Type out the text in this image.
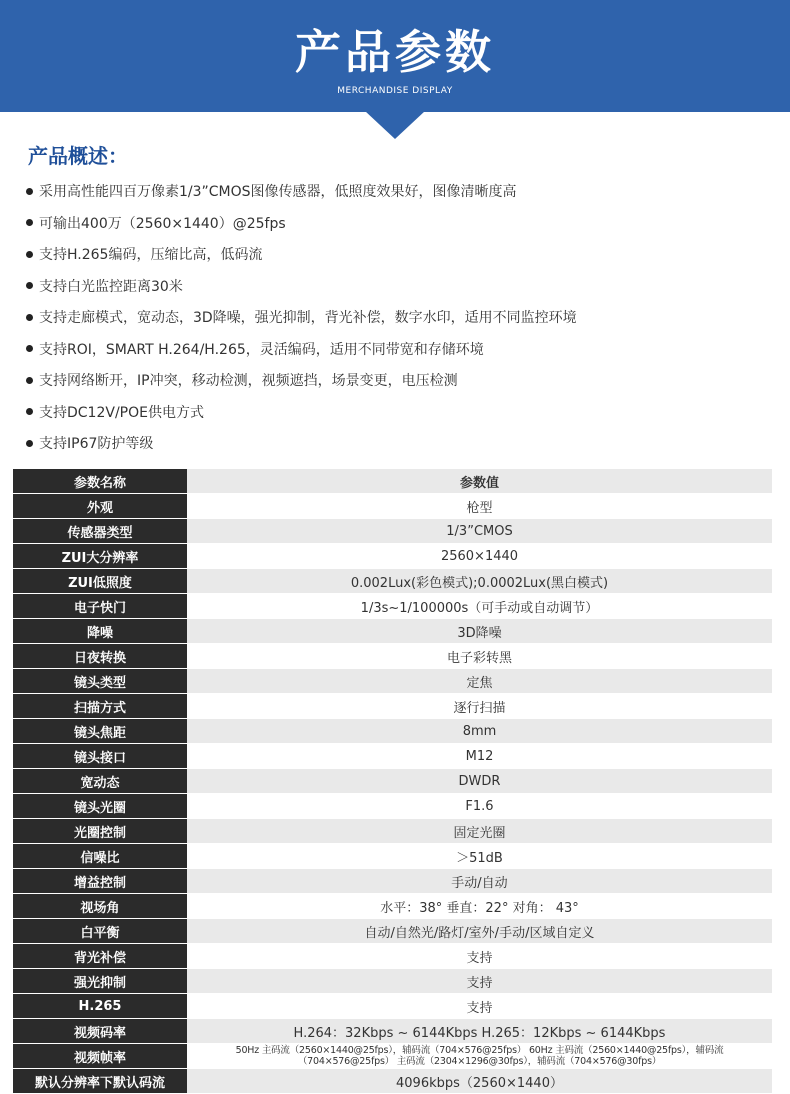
产品参数
MERCHANDISE DISPLAY
产品概述：
采用高性能四百万像素1/3”CMOS图像传感器，低照度效果好，图像清晰度高
可输出400万（2560×1440）@25fps
支持H.265编码，压缩比高，低码流
支持白光监控距离30米
支持走廊模式，宽动态，3D降噪，强光抑制，背光补偿，数字水印，适用不同监控环境
支持ROI，SMART H.264/H.265，灵活编码，适用不同带宽和存储环境
支持网络断开，IP冲突，移动检测，视频遮挡，场景变更，电压检测
支持DC12V/POE供电方式
支持IP67防护等级
参数名称	参数值
外观	枪型
传感器类型	1/3”CMOS
ZUI大分辨率	2560×1440
ZUI低照度	0.002Lux(彩色模式);0.0002Lux(黑白模式)
电子快门	1/3s~1/100000s（可手动或自动调节）
降噪	3D降噪
日夜转换	电子彩转黑
镜头类型	定焦
扫描方式	逐行扫描
镜头焦距	8mm
镜头接口	M12
宽动态	DWDR
镜头光圈	F1.6
光圈控制	固定光圈
信噪比	＞51dB
增益控制	手动/自动
视场角	水平：38° 垂直：22° 对角： 43°
白平衡	自动/自然光/路灯/室外/手动/区域自定义
背光补偿	支持
强光抑制	支持
H.265	支持
视频码率	H.264：32Kbps ~ 6144Kbps H.265：12Kbps ~ 6144Kbps
视频帧率	50Hz 主码流（2560×1440@25fps），辅码流（704×576@25fps） 60Hz 主码流（2560×1440@25fps），辅码流（704×576@25fps） 主码流（2304×1296@30fps），辅码流（704×576@30fps）
默认分辨率下默认码流	4096kbps（2560×1440）
